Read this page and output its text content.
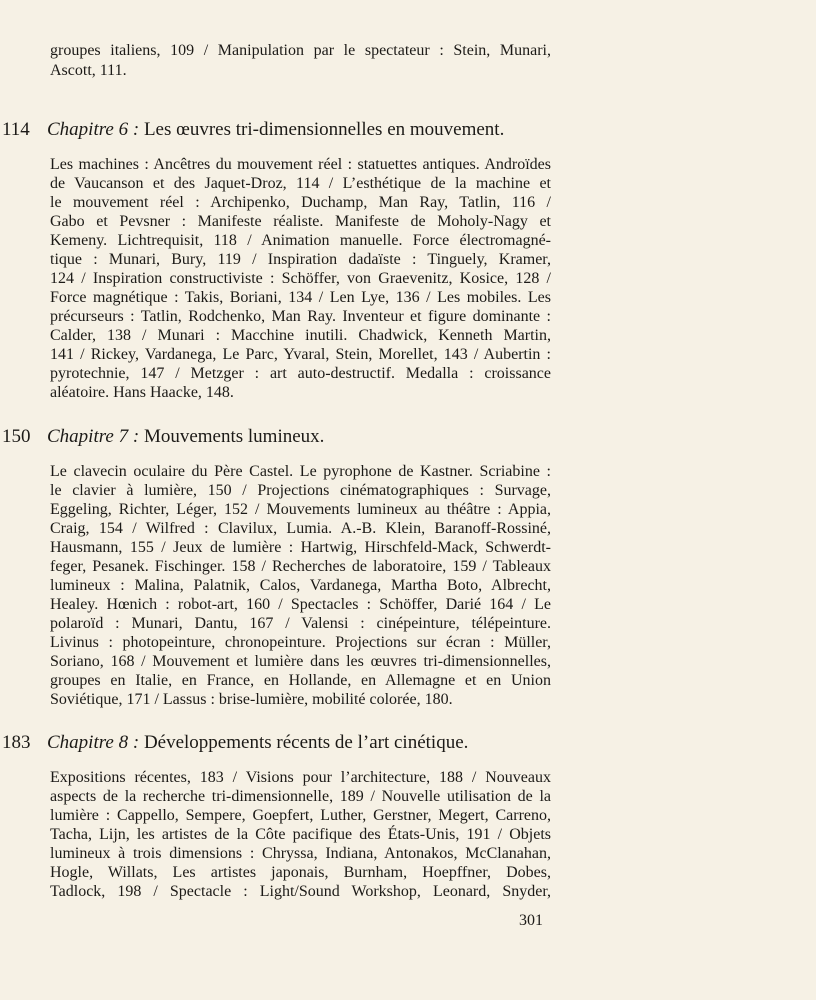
groupes italiens, 109 / Manipulation par le spectateur : Stein, Munari,
Ascott, 111.
114 Chapitre 6 : Les œuvres tri-dimensionnelles en mouvement.
Les machines : Ancêtres du mouvement réel : statuettes antiques. Androïdes
de Vaucanson et des Jaquet-Droz, 114 / L’esthétique de la machine et
le mouvement réel : Archipenko, Duchamp, Man Ray, Tatlin, 116 /
Gabo et Pevsner : Manifeste réaliste. Manifeste de Moholy-Nagy et
Kemeny. Lichtrequisit, 118 / Animation manuelle. Force électromagné-
tique : Munari, Bury, 119 / Inspiration dadaïste : Tinguely, Kramer,
124 / Inspiration constructiviste : Schöffer, von Graevenitz, Kosice, 128 /
Force magnétique : Takis, Boriani, 134 / Len Lye, 136 / Les mobiles. Les
précurseurs : Tatlin, Rodchenko, Man Ray. Inventeur et figure dominante :
Calder, 138 / Munari : Macchine inutili. Chadwick, Kenneth Martin,
141 / Rickey, Vardanega, Le Parc, Yvaral, Stein, Morellet, 143 / Aubertin :
pyrotechnie, 147 / Metzger : art auto-destructif. Medalla : croissance
aléatoire. Hans Haacke, 148.
150 Chapitre 7 : Mouvements lumineux.
Le clavecin oculaire du Père Castel. Le pyrophone de Kastner. Scriabine :
le clavier à lumière, 150 / Projections cinématographiques : Survage,
Eggeling, Richter, Léger, 152 / Mouvements lumineux au théâtre : Appia,
Craig, 154 / Wilfred : Clavilux, Lumia. A.-B. Klein, Baranoff-Rossiné,
Hausmann, 155 / Jeux de lumière : Hartwig, Hirschfeld-Mack, Schwerdt-
feger, Pesanek. Fischinger. 158 / Recherches de laboratoire, 159 / Tableaux
lumineux : Malina, Palatnik, Calos, Vardanega, Martha Boto, Albrecht,
Healey. Hœnich : robot-art, 160 / Spectacles : Schöffer, Darié 164 / Le
polaroïd : Munari, Dantu, 167 / Valensi : cinépeinture, télépeinture.
Livinus : photopeinture, chronopeinture. Projections sur écran : Müller,
Soriano, 168 / Mouvement et lumière dans les œuvres tri-dimensionnelles,
groupes en Italie, en France, en Hollande, en Allemagne et en Union
Soviétique, 171 / Lassus : brise-lumière, mobilité colorée, 180.
183 Chapitre 8 : Développements récents de l’art cinétique.
Expositions récentes, 183 / Visions pour l’architecture, 188 / Nouveaux
aspects de la recherche tri-dimensionnelle, 189 / Nouvelle utilisation de la
lumière : Cappello, Sempere, Goepfert, Luther, Gerstner, Megert, Carreno,
Tacha, Lijn, les artistes de la Côte pacifique des États-Unis, 191 / Objets
lumineux à trois dimensions : Chryssa, Indiana, Antonakos, McClanahan,
Hogle, Willats, Les artistes japonais, Burnham, Hoepffner, Dobes,
Tadlock, 198 / Spectacle : Light/Sound Workshop, Leonard, Snyder,
301
